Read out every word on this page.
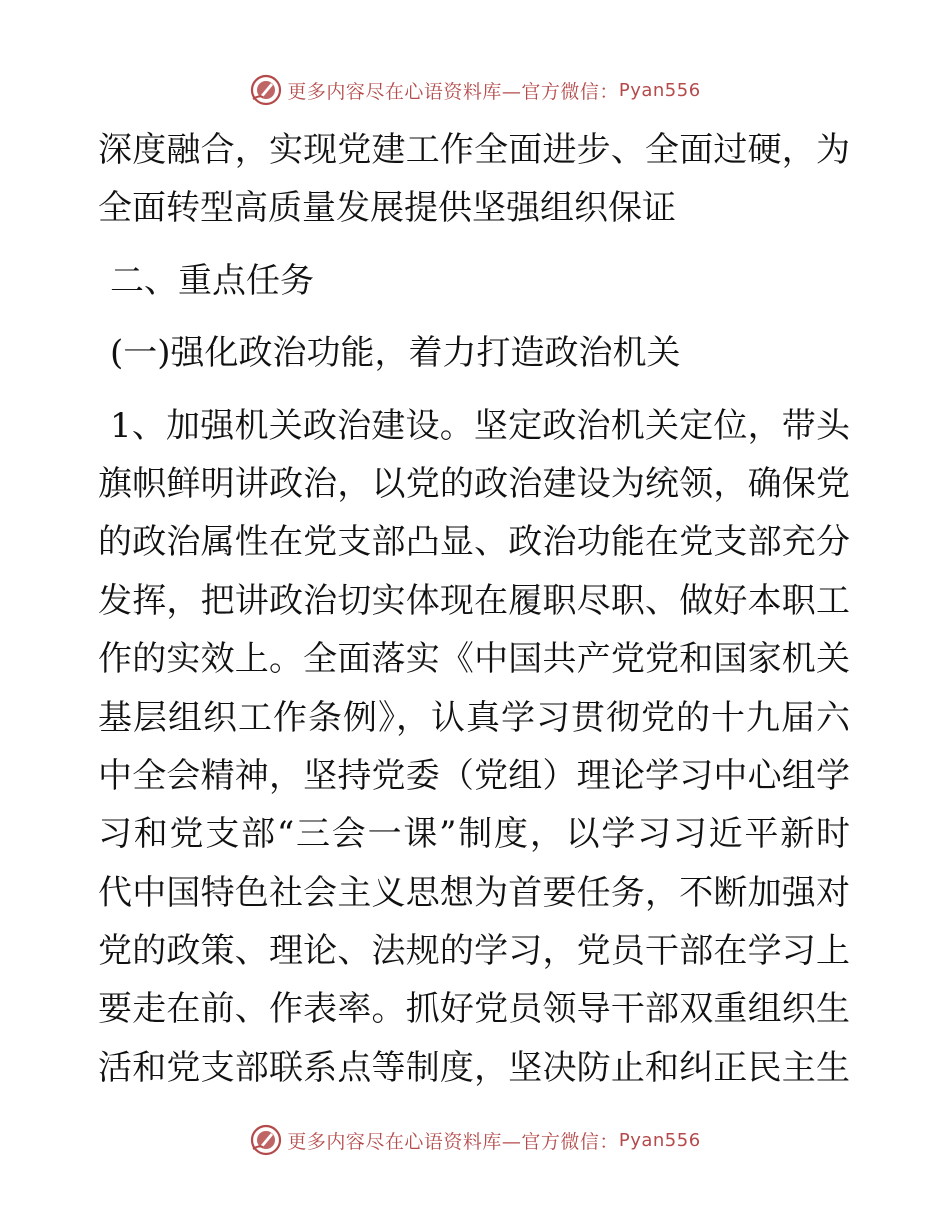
更多内容尽在心语资料库—官方微信： Pyan556
深度融合，实现党建工作全面进步、全面过硬，为
全面转型高质量发展提供坚强组织保证
二、重点任务
(一)强化政治功能，着力打造政治机关
1、加强机关政治建设。坚定政治机关定位，带头
旗帜鲜明讲政治，以党的政治建设为统领，确保党
的政治属性在党支部凸显、政治功能在党支部充分
发挥，把讲政治切实体现在履职尽职、做好本职工
作的实效上。全面落实《中国共产党党和国家机关
基层组织工作条例》，认真学习贯彻党的十九届六
中全会精神，坚持党委（党组）理论学习中心组学
习和党支部“三会一课”制度，以学习习近平新时
代中国特色社会主义思想为首要任务，不断加强对
党的政策、理论、法规的学习，党员干部在学习上
要走在前、作表率。抓好党员领导干部双重组织生
活和党支部联系点等制度，坚决防止和纠正民主生
更多内容尽在心语资料库—官方微信： Pyan556
